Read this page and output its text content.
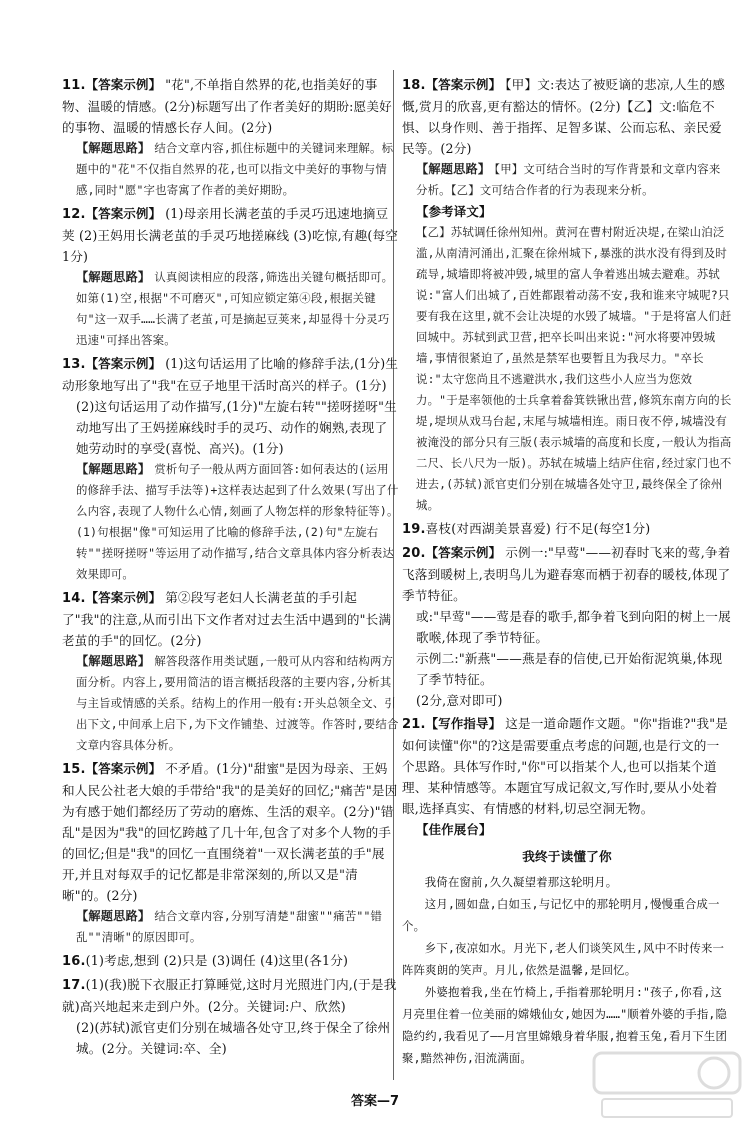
11.【答案示例】 "花",不单指自然界的花,也指美好的事物、温暖的情感。(2分)标题写出了作者美好的期盼:愿美好的事物、温暖的情感长存人间。(2分)

【解题思路】 结合文章内容,抓住标题中的关键词来理解。标题中的"花"不仅指自然界的花,也可以指文中美好的事物与情感,同时"愿"字也寄寓了作者的美好期盼。

12.【答案示例】 (1)母亲用长满老茧的手灵巧迅速地摘豆荚 (2)王妈用长满老茧的手灵巧地搓麻线 (3)吃惊,有趣(每空1分)

【解题思路】 认真阅读相应的段落,筛选出关键句概括即可。如第(1)空,根据"不可磨灭",可知应锁定第④段,根据关键句"这一双手……长满了老茧,可是摘起豆荚来,却显得十分灵巧迅速"可择出答案。

13.【答案示例】 (1)这句话运用了比喻的修辞手法,(1分)生动形象地写出了"我"在豆子地里干活时高兴的样子。(1分)

(2)这句话运用了动作描写,(1分)"左旋右转""搓呀搓呀"生动地写出了王妈搓麻线时手的灵巧、动作的娴熟,表现了她劳动时的享受(喜悦、高兴)。(1分)

【解题思路】 赏析句子一般从两方面回答:如何表达的(运用的修辞手法、描写手法等)+这样表达起到了什么效果(写出了什么内容,表现了人物什么心情,刻画了人物怎样的形象特征等)。(1)句根据"像"可知运用了比喻的修辞手法,(2)句"左旋右转""搓呀搓呀"等运用了动作描写,结合文章具体内容分析表达效果即可。

14.【答案示例】 第②段写老妇人长满老茧的手引起了"我"的注意,从而引出下文作者对过去生活中遇到的"长满老茧的手"的回忆。(2分)

【解题思路】 解答段落作用类试题,一般可从内容和结构两方面分析。内容上,要用简洁的语言概括段落的主要内容,分析其与主旨或情感的关系。结构上的作用一般有:开头总领全文、引出下文,中间承上启下,为下文作铺垫、过渡等。作答时,要结合文章内容具体分析。

15.【答案示例】 不矛盾。(1分)"甜蜜"是因为母亲、王妈和人民公社老大娘的手带给"我"的是美好的回忆;"痛苦"是因为有感于她们都经历了劳动的磨炼、生活的艰辛。(2分)"错乱"是因为"我"的回忆跨越了几十年,包含了对多个人物的手的回忆;但是"我"的回忆一直围绕着"一双长满老茧的手"展开,并且对每双手的记忆都是非常深刻的,所以又是"清晰"的。(2分)

【解题思路】 结合文章内容,分别写清楚"甜蜜""痛苦""错乱""清晰"的原因即可。

16.(1)考虑,想到 (2)只是 (3)调任 (4)这里(各1分)

17.(1)(我)脱下衣服正打算睡觉,这时月光照进门内,(于是我就)高兴地起来走到户外。(2分。关键词:户、欣然)

(2)(苏轼)派官吏们分别在城墙各处守卫,终于保全了徐州城。(2分。关键词:卒、全)

18.【答案示例】 【甲】文:表达了被贬谪的悲凉,人生的感慨,赏月的欣喜,更有豁达的情怀。(2分)【乙】文:临危不惧、以身作则、善于指挥、足智多谋、公而忘私、亲民爱民等。(2分)

【解题思路】 【甲】文可结合当时的写作背景和文章内容来分析。【乙】文可结合作者的行为表现来分析。

【参考译文】

【乙】苏轼调任徐州知州。黄河在曹村附近决堤,在梁山泊泛滥,从南清河涌出,汇聚在徐州城下,暴涨的洪水没有得到及时疏导,城墙即将被冲毁,城里的富人争着逃出城去避难。苏轼说:"富人们出城了,百姓都跟着动荡不安,我和谁来守城呢?只要有我在这里,就不会让决堤的水毁了城墙。"于是将富人们赶回城中。苏轼到武卫营,把卒长叫出来说:"河水将要冲毁城墙,事情很紧迫了,虽然是禁军也要暂且为我尽力。"卒长说:"太守您尚且不逃避洪水,我们这些小人应当为您效力。"于是率领他的士兵拿着畚箕铁锹出营,修筑东南方向的长堤,堤坝从戏马台起,末尾与城墙相连。雨日夜不停,城墙没有被淹没的部分只有三版(表示城墙的高度和长度,一般认为指高二尺、长八尺为一版)。苏轼在城墙上结庐住宿,经过家门也不进去,(苏轼)派官吏们分别在城墙各处守卫,最终保全了徐州城。

19.喜枝(对西湖美景喜爱) 行不足(每空1分)

20.【答案示例】 示例一:"早莺"——初春时飞来的莺,争着飞落到暖树上,表明鸟儿为避春寒而栖于初春的暖枝,体现了季节特征。

或:"早莺"——莺是春的歌手,都争着飞到向阳的树上一展歌喉,体现了季节特征。

示例二:"新燕"——燕是春的信使,已开始衔泥筑巢,体现了季节特征。

(2分,意对即可)

21.【写作指导】 这是一道命题作文题。"你"指谁?"我"是如何读懂"你"的?这是需要重点考虑的问题,也是行文的一个思路。具体写作时,"你"可以指某个人,也可以指某个道理、某种情感等。本题宜写成记叙文,写作时,要从小处着眼,选择真实、有情感的材料,切忌空洞无物。

【佳作展台】

我终于读懂了你

我倚在窗前,久久凝望着那这轮明月。

这月,圆如盘,白如玉,与记忆中的那轮明月,慢慢重合成一个。

乡下,夜凉如水。月光下,老人们谈笑风生,风中不时传来一阵阵爽朗的笑声。月儿,依然是温馨,是回忆。

外婆抱着我,坐在竹椅上,手指着那轮明月:"孩子,你看,这月亮里住着一位美丽的嫦娥仙女,她因为……"顺着外婆的手指,隐隐约约,我看见了——月宫里嫦娥身着华服,抱着玉兔,看月下生团聚,黯然神伤,泪流满面。

答案—7
